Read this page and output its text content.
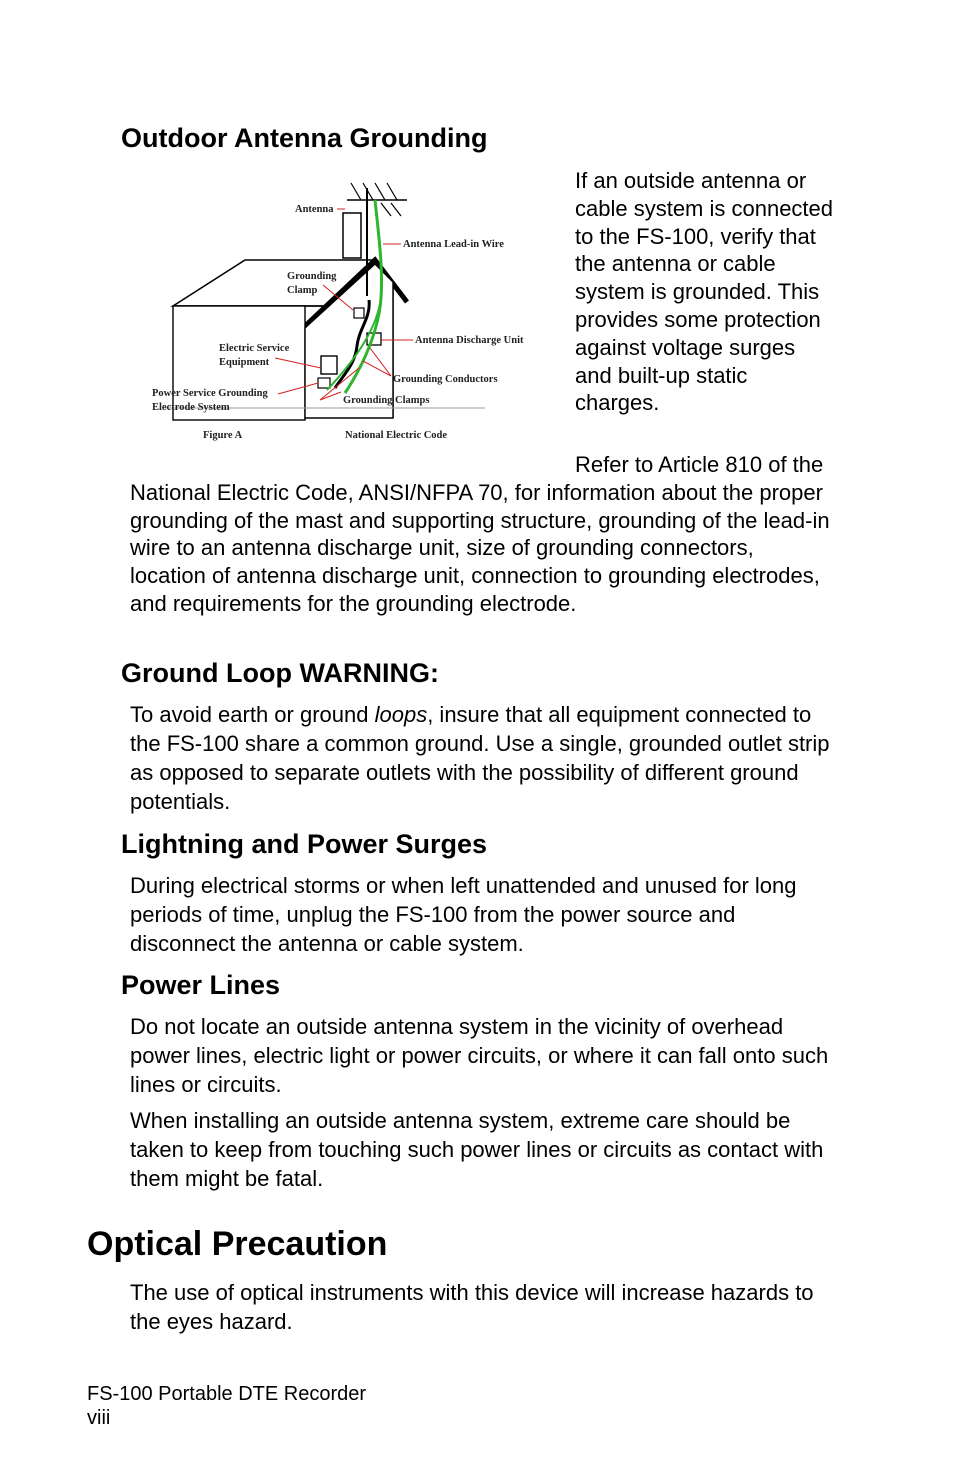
Outdoor Antenna Grounding
Antenna
Antenna Lead-in Wire
Grounding
Clamp
Antenna Discharge Unit
Electric Service
Equipment
Grounding Conductors
Power Service Grounding
Electrode System
Grounding Clamps
Figure A	National Electric Code

If an outside antenna or cable system is connected to the FS-100, verify that the antenna or cable system is grounded. This provides some protection against voltage surges and built-up static charges.

Refer to Article 810 of the National Electric Code, ANSI/NFPA 70, for information about the proper grounding of the mast and supporting structure, grounding of the lead-in wire to an antenna discharge unit, size of grounding connectors, location of antenna discharge unit, connection to grounding electrodes, and requirements for the grounding electrode.

Ground Loop WARNING:

To avoid earth or ground loops, insure that all equipment connected to the FS-100 share a common ground. Use a single, grounded outlet strip as opposed to separate outlets with the possibility of different ground potentials.

Lightning and Power Surges

During electrical storms or when left unattended and unused for long periods of time, unplug the FS-100 from the power source and disconnect the antenna or cable system.

Power Lines

Do not locate an outside antenna system in the vicinity of overhead power lines, electric light or power circuits, or where it can fall onto such lines or circuits.

When installing an outside antenna system, extreme care should be taken to keep from touching such power lines or circuits as contact with them might be fatal.

Optical Precaution

The use of optical instruments with this device will increase hazards to the eyes hazard.

FS-100 Portable DTE Recorder

viii
